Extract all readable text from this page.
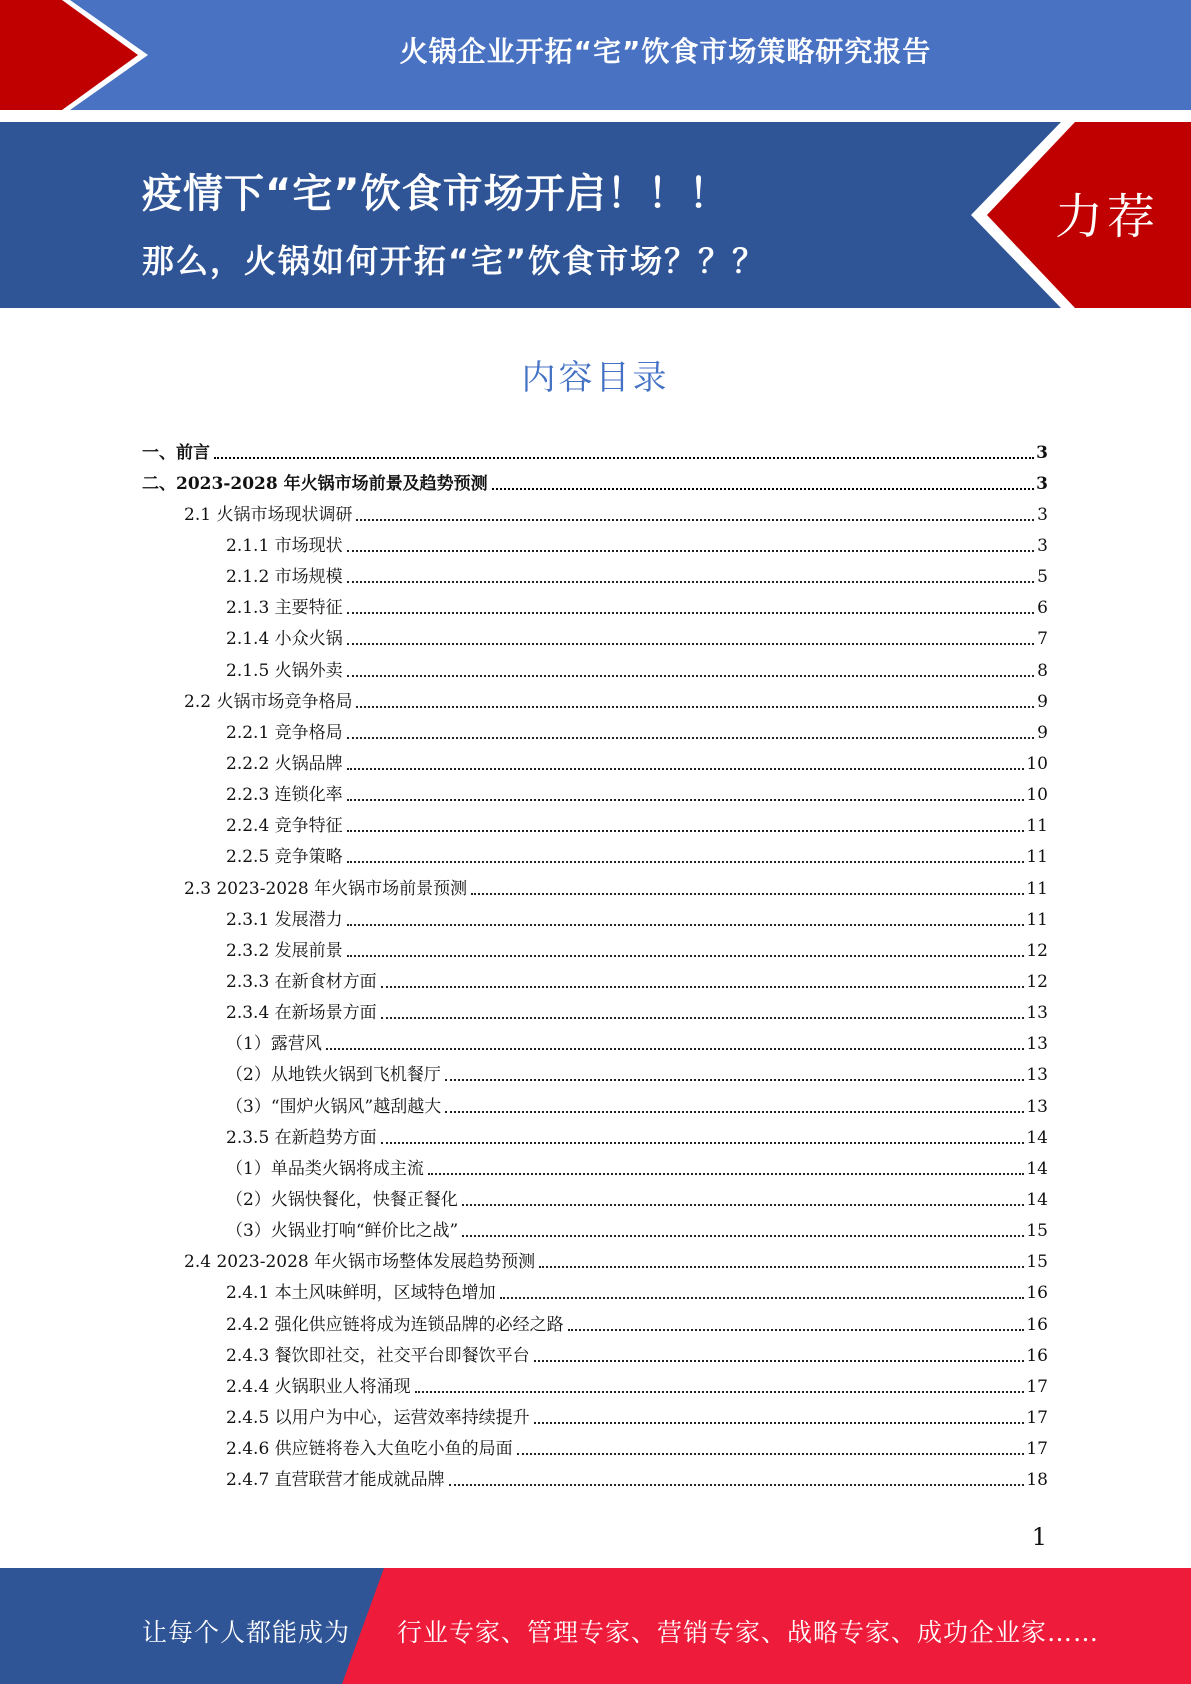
火锅企业开拓“宅”饮食市场策略研究报告
疫情下“宅”饮食市场开启！！！
那么，火锅如何开拓“宅”饮食市场？？？
力荐
内容目录
一、前言	3
二、2023-2028 年火锅市场前景及趋势预测	3
2.1 火锅市场现状调研	3
2.1.1 市场现状	3
2.1.2 市场规模	5
2.1.3 主要特征	6
2.1.4 小众火锅	7
2.1.5 火锅外卖	8
2.2 火锅市场竞争格局	9
2.2.1 竞争格局	9
2.2.2 火锅品牌	10
2.2.3 连锁化率	10
2.2.4 竞争特征	11
2.2.5 竞争策略	11
2.3 2023-2028 年火锅市场前景预测	11
2.3.1 发展潜力	11
2.3.2 发展前景	12
2.3.3 在新食材方面	12
2.3.4 在新场景方面	13
（1）露营风	13
（2）从地铁火锅到飞机餐厅	13
（3）“围炉火锅风”越刮越大	13
2.3.5 在新趋势方面	14
（1）单品类火锅将成主流	14
（2）火锅快餐化，快餐正餐化	14
（3）火锅业打响“鲜价比之战”	15
2.4 2023-2028 年火锅市场整体发展趋势预测	15
2.4.1 本土风味鲜明，区域特色增加	16
2.4.2 强化供应链将成为连锁品牌的必经之路	16
2.4.3 餐饮即社交，社交平台即餐饮平台	16
2.4.4 火锅职业人将涌现	17
2.4.5 以用户为中心，运营效率持续提升	17
2.4.6 供应链将卷入大鱼吃小鱼的局面	17
2.4.7 直营联营才能成就品牌	18
1
让每个人都能成为 行业专家、管理专家、营销专家、战略专家、成功企业家……
